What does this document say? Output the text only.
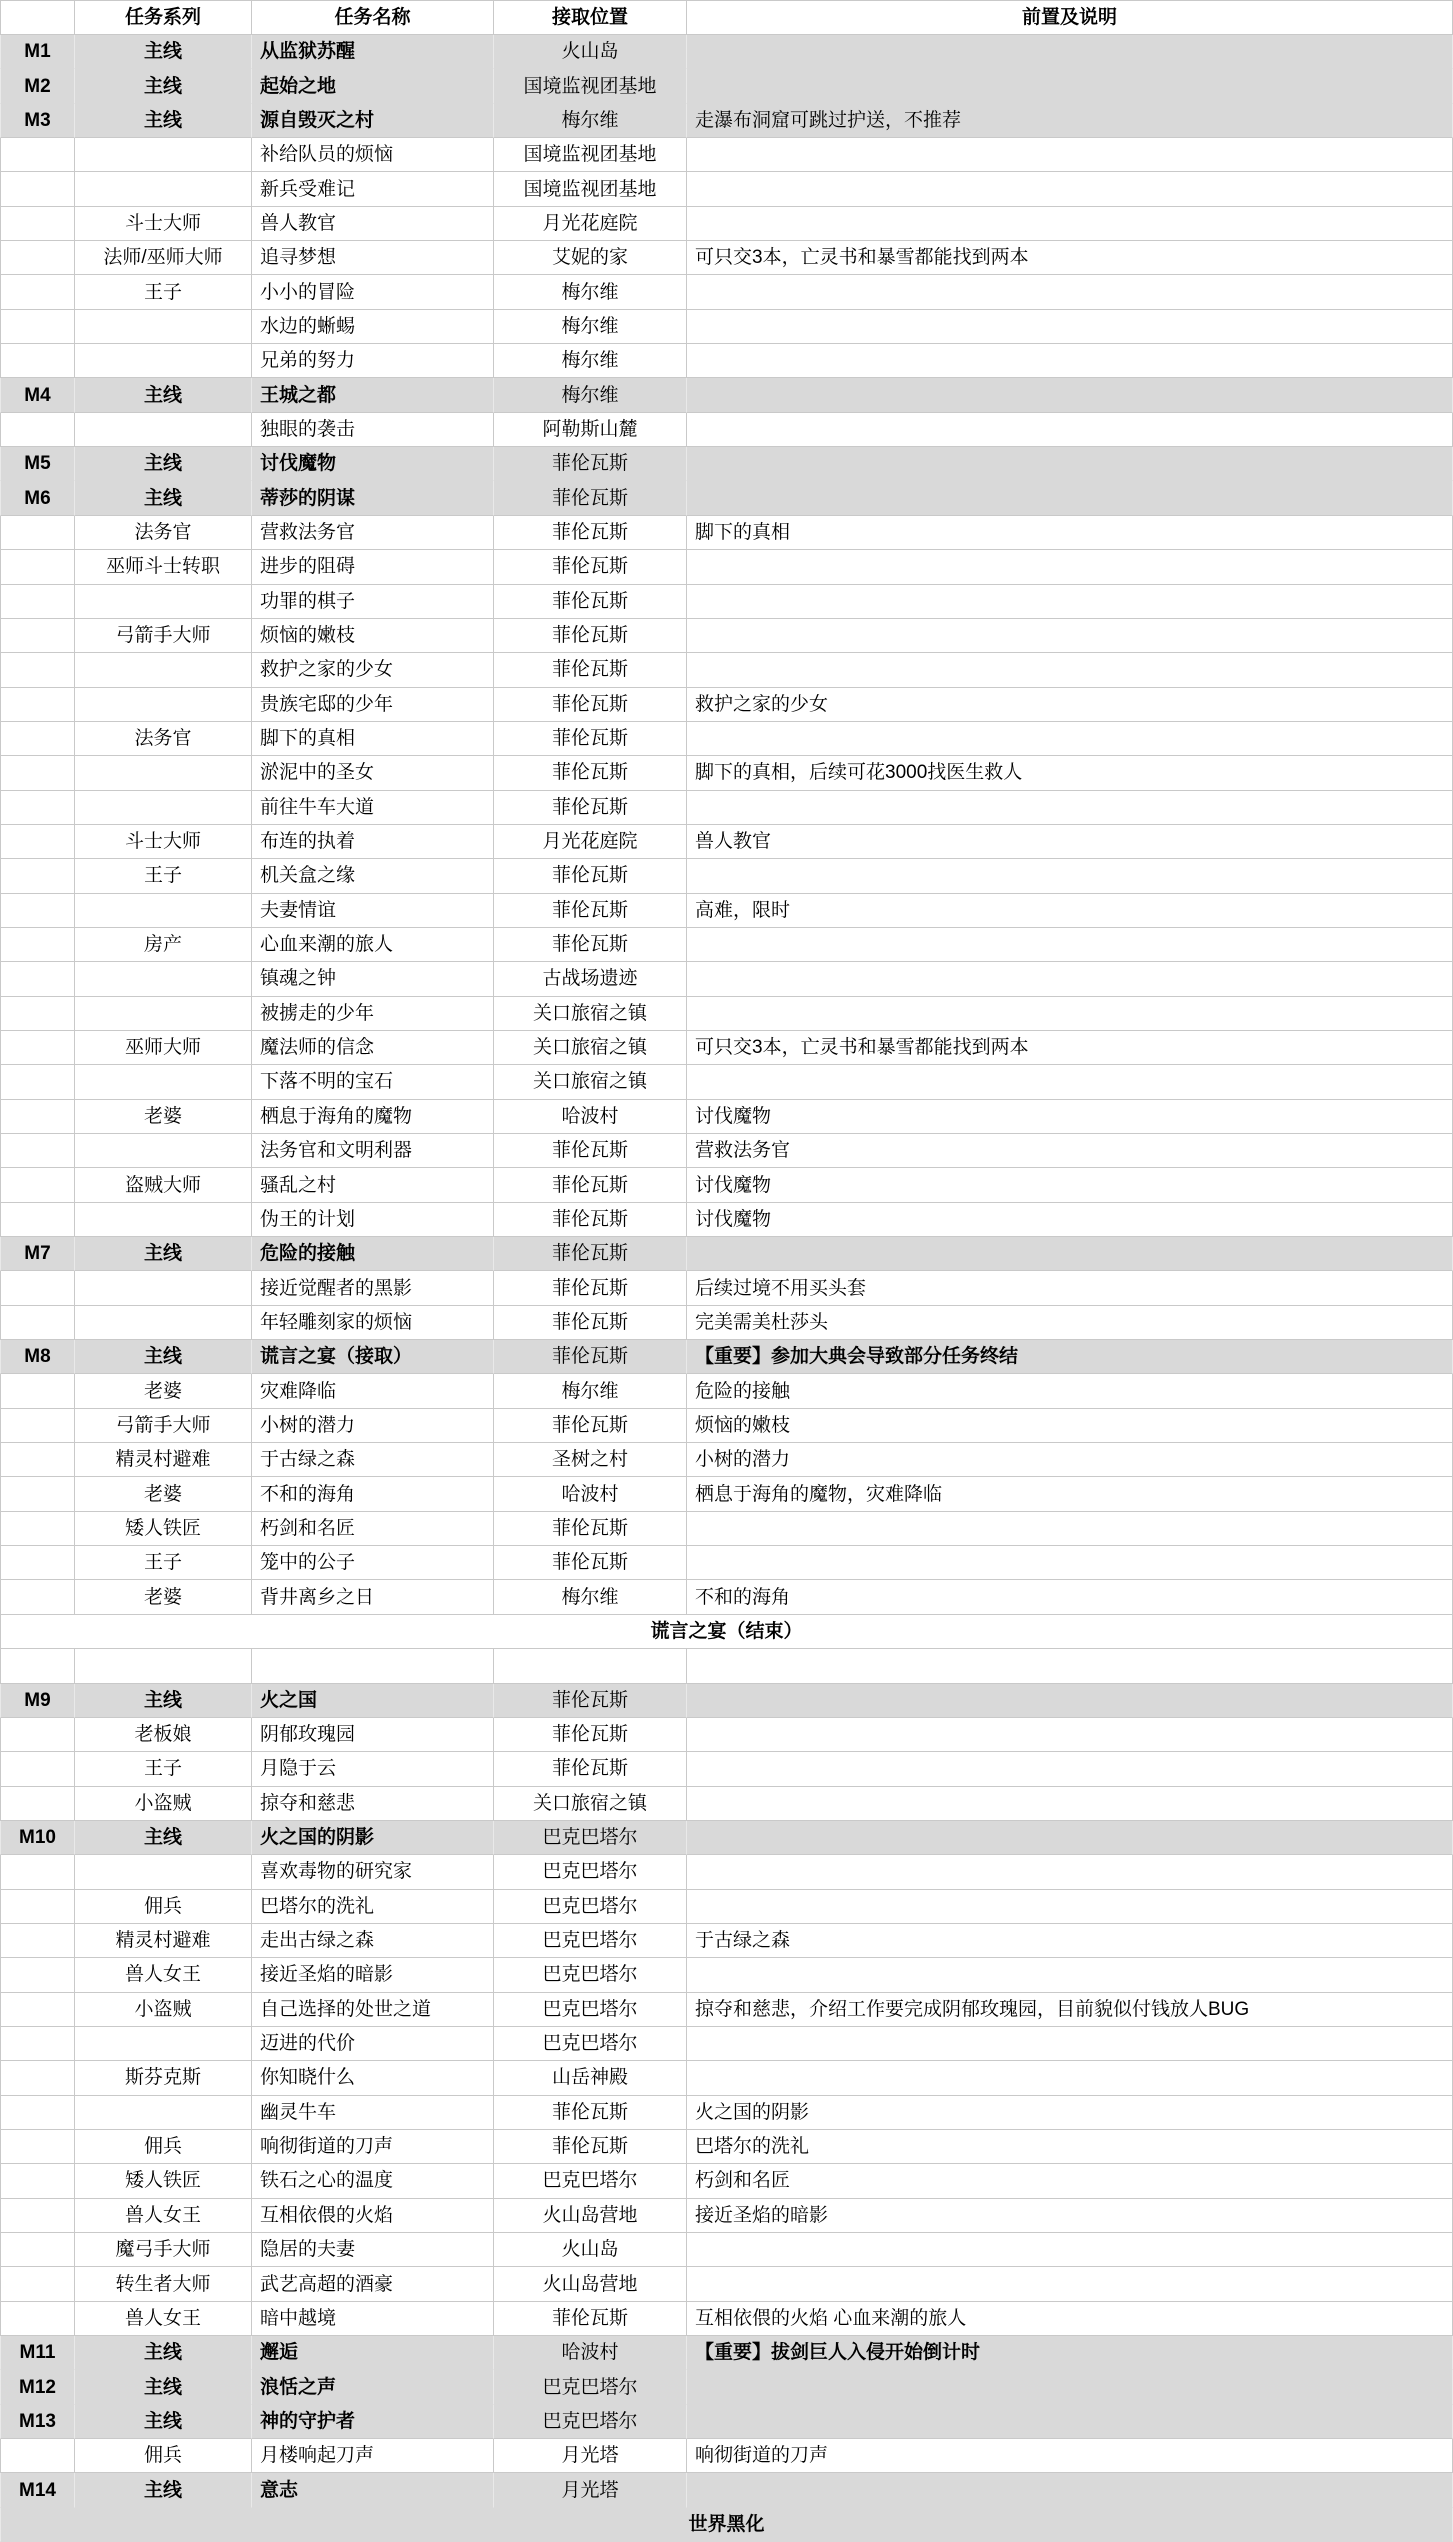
	任务系列	任务名称	接取位置	前置及说明
M1	主线	从监狱苏醒	火山岛	
M2	主线	起始之地	国境监视团基地	
M3	主线	源自毁灭之村	梅尔维	走瀑布洞窟可跳过护送，不推荐
		补给队员的烦恼	国境监视团基地	
		新兵受难记	国境监视团基地	
	斗士大师	兽人教官	月光花庭院	
	法师/巫师大师	追寻梦想	艾妮的家	可只交3本，亡灵书和暴雪都能找到两本
	王子	小小的冒险	梅尔维	
		水边的蜥蜴	梅尔维	
		兄弟的努力	梅尔维	
M4	主线	王城之都	梅尔维	
		独眼的袭击	阿勒斯山麓	
M5	主线	讨伐魔物	菲伦瓦斯	
M6	主线	蒂莎的阴谋	菲伦瓦斯	
	法务官	营救法务官	菲伦瓦斯	脚下的真相
	巫师斗士转职	进步的阻碍	菲伦瓦斯	
		功罪的棋子	菲伦瓦斯	
	弓箭手大师	烦恼的嫩枝	菲伦瓦斯	
		救护之家的少女	菲伦瓦斯	
		贵族宅邸的少年	菲伦瓦斯	救护之家的少女
	法务官	脚下的真相	菲伦瓦斯	
		淤泥中的圣女	菲伦瓦斯	脚下的真相，后续可花3000找医生救人
		前往牛车大道	菲伦瓦斯	
	斗士大师	布连的执着	月光花庭院	兽人教官
	王子	机关盒之缘	菲伦瓦斯	
		夫妻情谊	菲伦瓦斯	高难，限时
	房产	心血来潮的旅人	菲伦瓦斯	
		镇魂之钟	古战场遗迹	
		被掳走的少年	关口旅宿之镇	
	巫师大师	魔法师的信念	关口旅宿之镇	可只交3本，亡灵书和暴雪都能找到两本
		下落不明的宝石	关口旅宿之镇	
	老婆	栖息于海角的魔物	哈波村	讨伐魔物
		法务官和文明利器	菲伦瓦斯	营救法务官
	盗贼大师	骚乱之村	菲伦瓦斯	讨伐魔物
		伪王的计划	菲伦瓦斯	讨伐魔物
M7	主线	危险的接触	菲伦瓦斯	
		接近觉醒者的黑影	菲伦瓦斯	后续过境不用买头套
		年轻雕刻家的烦恼	菲伦瓦斯	完美需美杜莎头
M8	主线	谎言之宴（接取）	菲伦瓦斯	【重要】参加大典会导致部分任务终结
	老婆	灾难降临	梅尔维	危险的接触
	弓箭手大师	小树的潜力	菲伦瓦斯	烦恼的嫩枝
	精灵村避难	于古绿之森	圣树之村	小树的潜力
	老婆	不和的海角	哈波村	栖息于海角的魔物，灾难降临
	矮人铁匠	朽剑和名匠	菲伦瓦斯	
	王子	笼中的公子	菲伦瓦斯	
	老婆	背井离乡之日	梅尔维	不和的海角
谎言之宴（结束）				

M9	主线	火之国	菲伦瓦斯	
	老板娘	阴郁玫瑰园	菲伦瓦斯	
	王子	月隐于云	菲伦瓦斯	
	小盗贼	掠夺和慈悲	关口旅宿之镇	
M10	主线	火之国的阴影	巴克巴塔尔	
		喜欢毒物的研究家	巴克巴塔尔	
	佣兵	巴塔尔的洗礼	巴克巴塔尔	
	精灵村避难	走出古绿之森	巴克巴塔尔	于古绿之森
	兽人女王	接近圣焰的暗影	巴克巴塔尔	
	小盗贼	自己选择的处世之道	巴克巴塔尔	掠夺和慈悲，介绍工作要完成阴郁玫瑰园，目前貌似付钱放人BUG
		迈进的代价	巴克巴塔尔	
	斯芬克斯	你知晓什么	山岳神殿	
		幽灵牛车	菲伦瓦斯	火之国的阴影
	佣兵	响彻街道的刀声	菲伦瓦斯	巴塔尔的洗礼
	矮人铁匠	铁石之心的温度	巴克巴塔尔	朽剑和名匠
	兽人女王	互相依偎的火焰	火山岛营地	接近圣焰的暗影
	魔弓手大师	隐居的夫妻	火山岛	
	转生者大师	武艺高超的酒豪	火山岛营地	
	兽人女王	暗中越境	菲伦瓦斯	互相依偎的火焰 心血来潮的旅人
M11	主线	邂逅	哈波村	【重要】拔剑巨人入侵开始倒计时
M12	主线	浪恬之声	巴克巴塔尔	
M13	主线	神的守护者	巴克巴塔尔	
	佣兵	月楼响起刀声	月光塔	响彻街道的刀声
M14	主线	意志	月光塔	
世界黑化				
